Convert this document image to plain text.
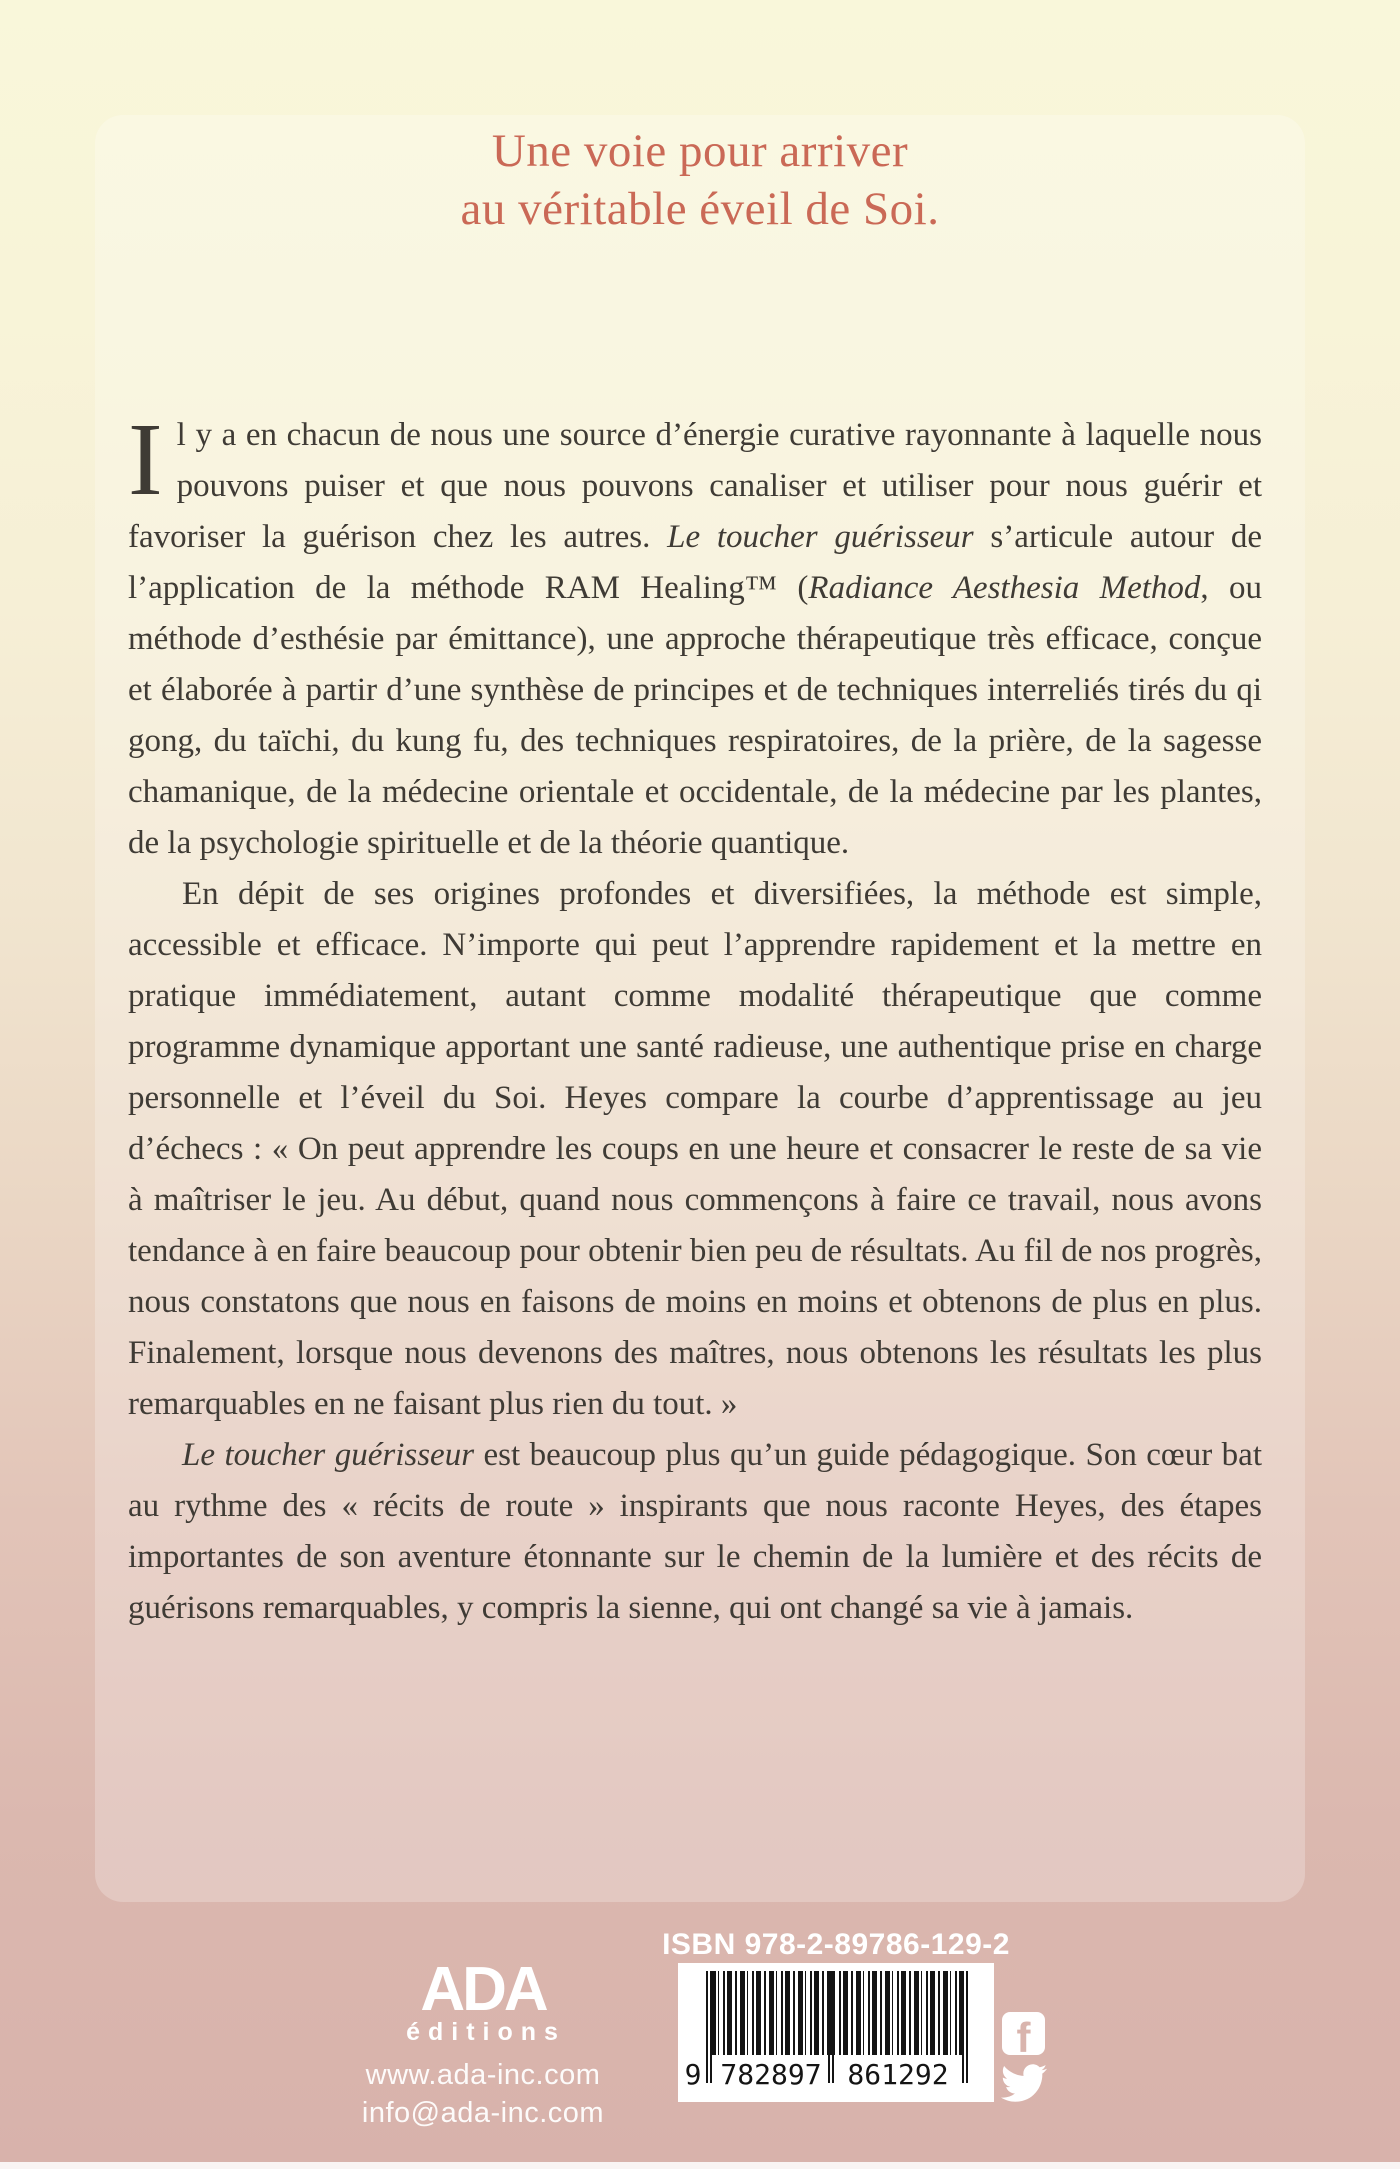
Une voie pour arriver
au véritable éveil de Soi.

Il y a en chacun de nous une source d’énergie curative rayonnante à laquelle nous pouvons puiser et que nous pouvons canaliser et utiliser pour nous guérir et favoriser la guérison chez les autres. Le toucher guérisseur s’articule autour de l’application de la méthode RAM Healing™ (Radiance Aesthesia Method, ou méthode d’esthésie par émittance), une approche thérapeutique très efficace, conçue et élaborée à partir d’une synthèse de principes et de techniques interreliés tirés du qi gong, du taïchi, du kung fu, des techniques respiratoires, de la prière, de la sagesse chamanique, de la médecine orientale et occidentale, de la médecine par les plantes, de la psychologie spirituelle et de la théorie quantique.

En dépit de ses origines profondes et diversifiées, la méthode est simple, accessible et efficace. N’importe qui peut l’apprendre rapidement et la mettre en pratique immédiatement, autant comme modalité thérapeutique que comme programme dynamique apportant une santé radieuse, une authentique prise en charge personnelle et l’éveil du Soi. Heyes compare la courbe d’apprentissage au jeu d’échecs : « On peut apprendre les coups en une heure et consacrer le reste de sa vie à maîtriser le jeu. Au début, quand nous commençons à faire ce travail, nous avons tendance à en faire beaucoup pour obtenir bien peu de résultats. Au fil de nos progrès, nous constatons que nous en faisons de moins en moins et obtenons de plus en plus. Finalement, lorsque nous devenons des maîtres, nous obtenons les résultats les plus remarquables en ne faisant plus rien du tout. »

Le toucher guérisseur est beaucoup plus qu’un guide pédagogique. Son cœur bat au rythme des « récits de route » inspirants que nous raconte Heyes, des étapes importantes de son aventure étonnante sur le chemin de la lumière et des récits de guérisons remarquables, y compris la sienne, qui ont changé sa vie à jamais.

ISBN 978-2-89786-129-2
9 782897 861292
ADA
éditions
www.ada-inc.com
info@ada-inc.com
f
